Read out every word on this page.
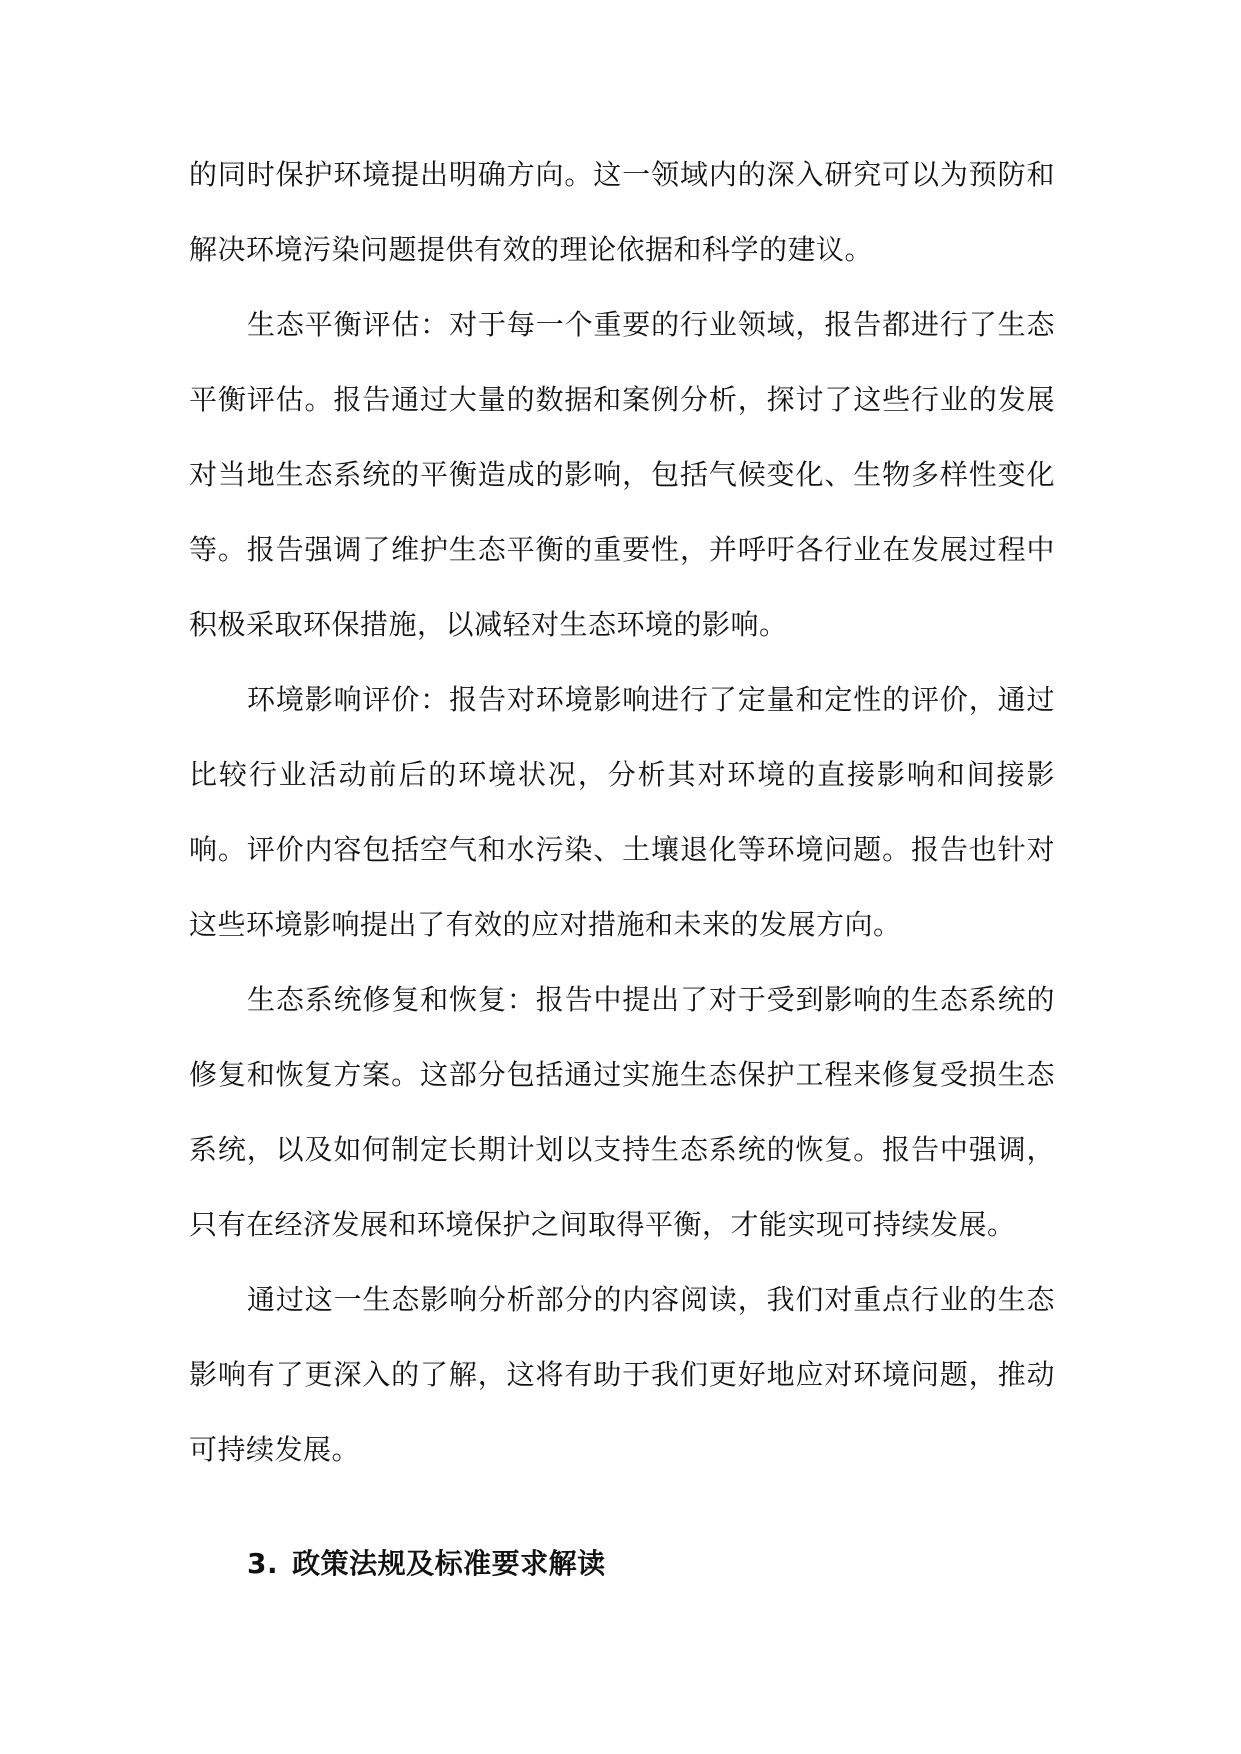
的同时保护环境提出明确方向。这一领域内的深入研究可以为预防和解决环境污染问题提供有效的理论依据和科学的建议。

生态平衡评估：对于每一个重要的行业领域，报告都进行了生态平衡评估。报告通过大量的数据和案例分析，探讨了这些行业的发展对当地生态系统的平衡造成的影响，包括气候变化、生物多样性变化等。报告强调了维护生态平衡的重要性，并呼吁各行业在发展过程中积极采取环保措施，以减轻对生态环境的影响。

环境影响评价：报告对环境影响进行了定量和定性的评价，通过比较行业活动前后的环境状况，分析其对环境的直接影响和间接影响。评价内容包括空气和水污染、土壤退化等环境问题。报告也针对这些环境影响提出了有效的应对措施和未来的发展方向。

生态系统修复和恢复：报告中提出了对于受到影响的生态系统的修复和恢复方案。这部分包括通过实施生态保护工程来修复受损生态系统，以及如何制定长期计划以支持生态系统的恢复。报告中强调，只有在经济发展和环境保护之间取得平衡，才能实现可持续发展。

通过这一生态影响分析部分的内容阅读，我们对重点行业的生态影响有了更深入的了解，这将有助于我们更好地应对环境问题，推动可持续发展。

3. 政策法规及标准要求解读
